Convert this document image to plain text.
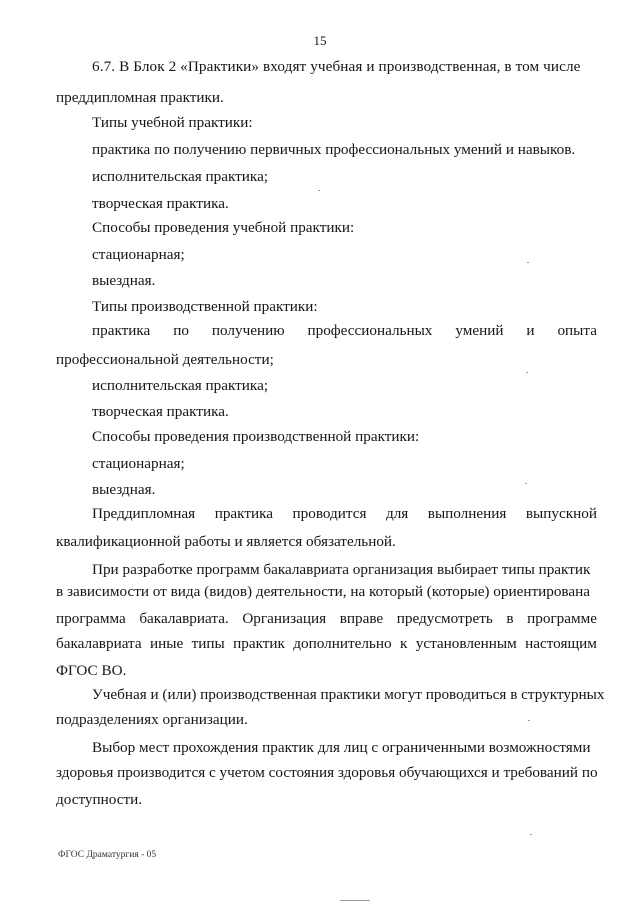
15
6.7. В Блок 2 «Практики» входят учебная и производственная, в том числе
преддипломная практики.
Типы учебной практики:
практика по получению первичных профессиональных умений и навыков.
исполнительская практика;
творческая практика.
Способы проведения учебной практики:
стационарная;
выездная.
Типы производственной практики:
практика по получению профессиональных умений и опыта
профессиональной деятельности;
исполнительская практика;
творческая практика.
Способы проведения производственной практики:
стационарная;
выездная.
Преддипломная практика проводится для выполнения выпускной
квалификационной работы и является обязательной.
При разработке программ бакалавриата организация выбирает типы практик
в зависимости от вида (видов) деятельности, на который (которые) ориентирована
программа бакалавриата. Организация вправе предусмотреть в программе
бакалавриата иные типы практик дополнительно к установленным настоящим
ФГОС ВО.
Учебная и (или) производственная практики могут проводиться в структурных
подразделениях организации.
Выбор мест прохождения практик для лиц с ограниченными возможностями
здоровья производится с учетом состояния здоровья обучающихся и требований по
доступности.
ФГОС Драматургия - 05
